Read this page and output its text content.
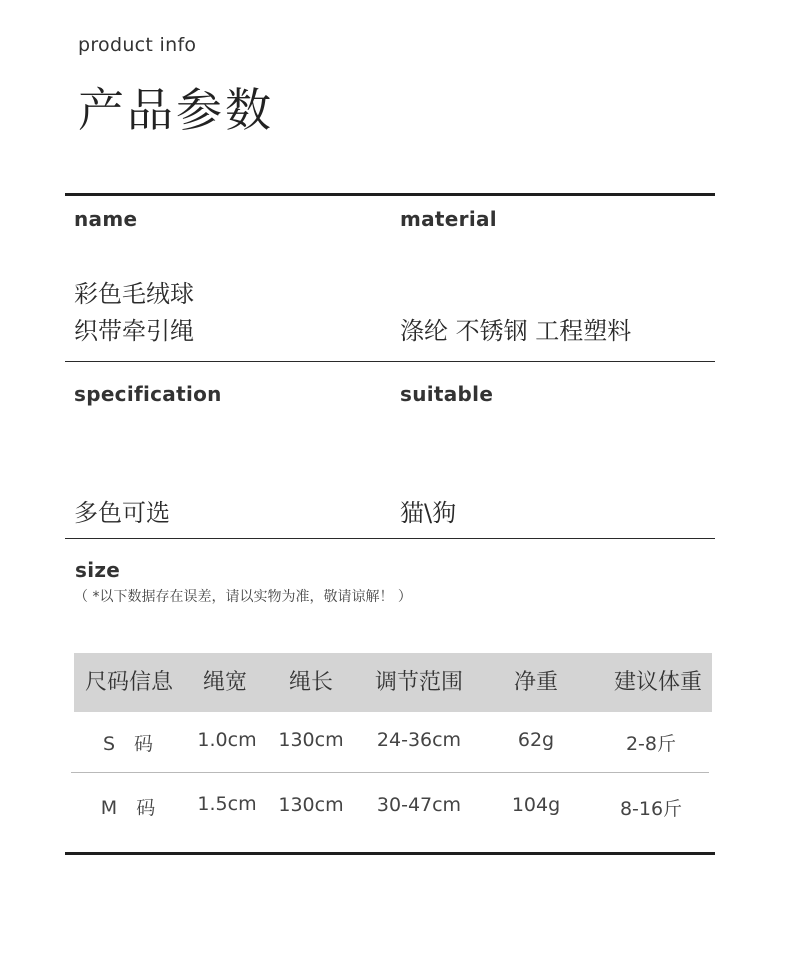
product info
产品参数
name	material
彩色毛绒球
织带牵引绳	涤纶 不锈钢 工程塑料
specification	suitable
多色可选	猫\狗
size
（ *以下数据存在误差，请以实物为准，敬请谅解！ ）
尺码信息	绳宽	绳长	调节范围	净重	建议体重
S　码	1.0cm	130cm	24-36cm	62g	2-8斤
M　码	1.5cm	130cm	30-47cm	104g	8-16斤
